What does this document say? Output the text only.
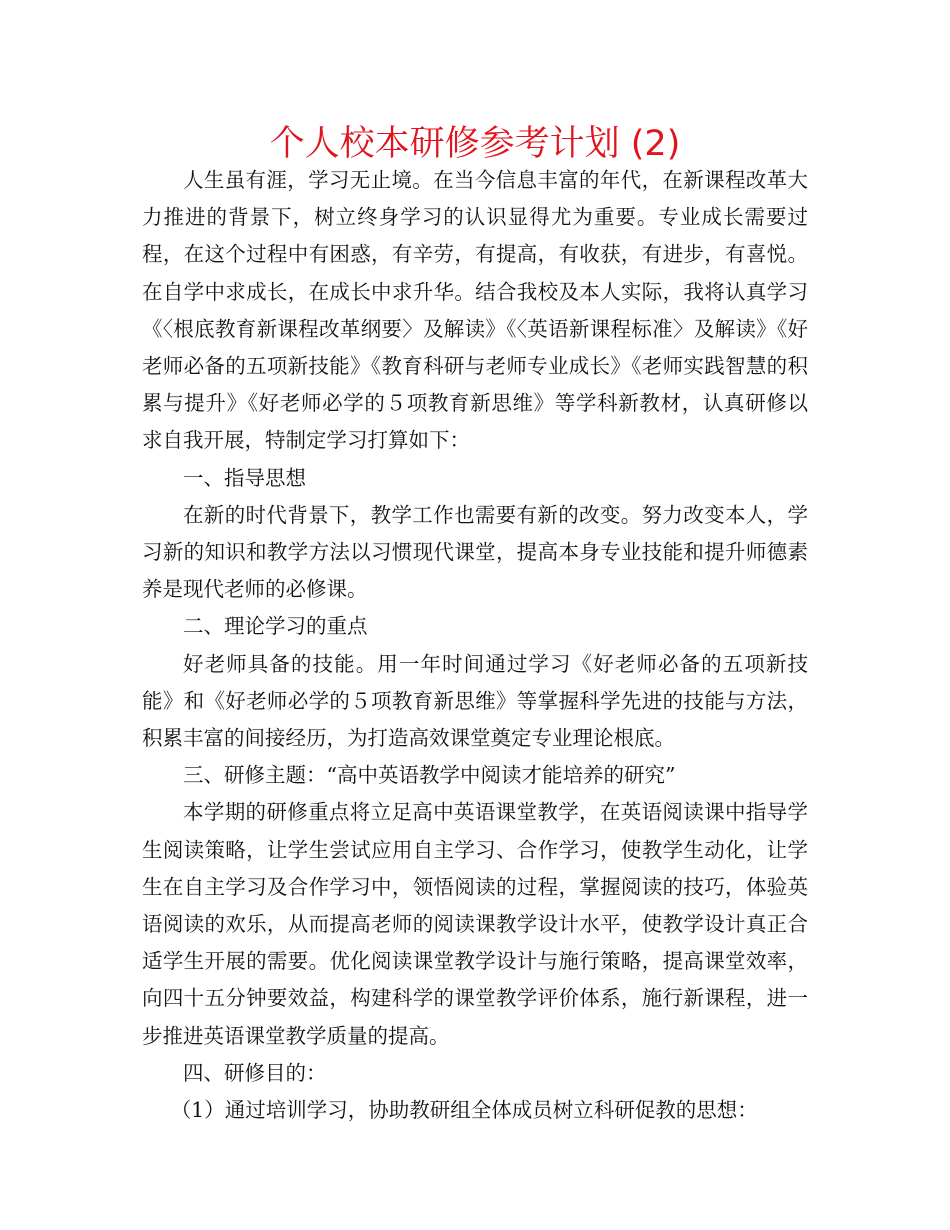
个人校本研修参考计划 (2)

人生虽有涯，学习无止境。在当今信息丰富的年代，在新课程改革大力推进的背景下，树立终身学习的认识显得尤为重要。专业成长需要过程，在这个过程中有困惑，有辛劳，有提高，有收获，有进步，有喜悦。在自学中求成长，在成长中求升华。结合我校及本人实际，我将认真学习《〈根底教育新课程改革纲要〉及解读》《〈英语新课程标准〉及解读》《好老师必备的五项新技能》《教育科研与老师专业成长》《老师实践智慧的积累与提升》《好老师必学的５项教育新思维》等学科新教材，认真研修以求自我开展，特制定学习打算如下：

一、指导思想

在新的时代背景下，教学工作也需要有新的改变。努力改变本人，学习新的知识和教学方法以习惯现代课堂，提高本身专业技能和提升师德素养是现代老师的必修课。

二、理论学习的重点

好老师具备的技能。用一年时间通过学习《好老师必备的五项新技能》和《好老师必学的５项教育新思维》等掌握科学先进的技能与方法，积累丰富的间接经历，为打造高效课堂奠定专业理论根底。

三、研修主题：“高中英语教学中阅读才能培养的研究”

本学期的研修重点将立足高中英语课堂教学，在英语阅读课中指导学生阅读策略，让学生尝试应用自主学习、合作学习，使教学生动化，让学生在自主学习及合作学习中，领悟阅读的过程，掌握阅读的技巧，体验英语阅读的欢乐，从而提高老师的阅读课教学设计水平，使教学设计真正合适学生开展的需要。优化阅读课堂教学设计与施行策略，提高课堂效率，向四十五分钟要效益，构建科学的课堂教学评价体系，施行新课程，进一步推进英语课堂教学质量的提高。

四、研修目的：

（1）通过培训学习，协助教研组全体成员树立科研促教的思想：
